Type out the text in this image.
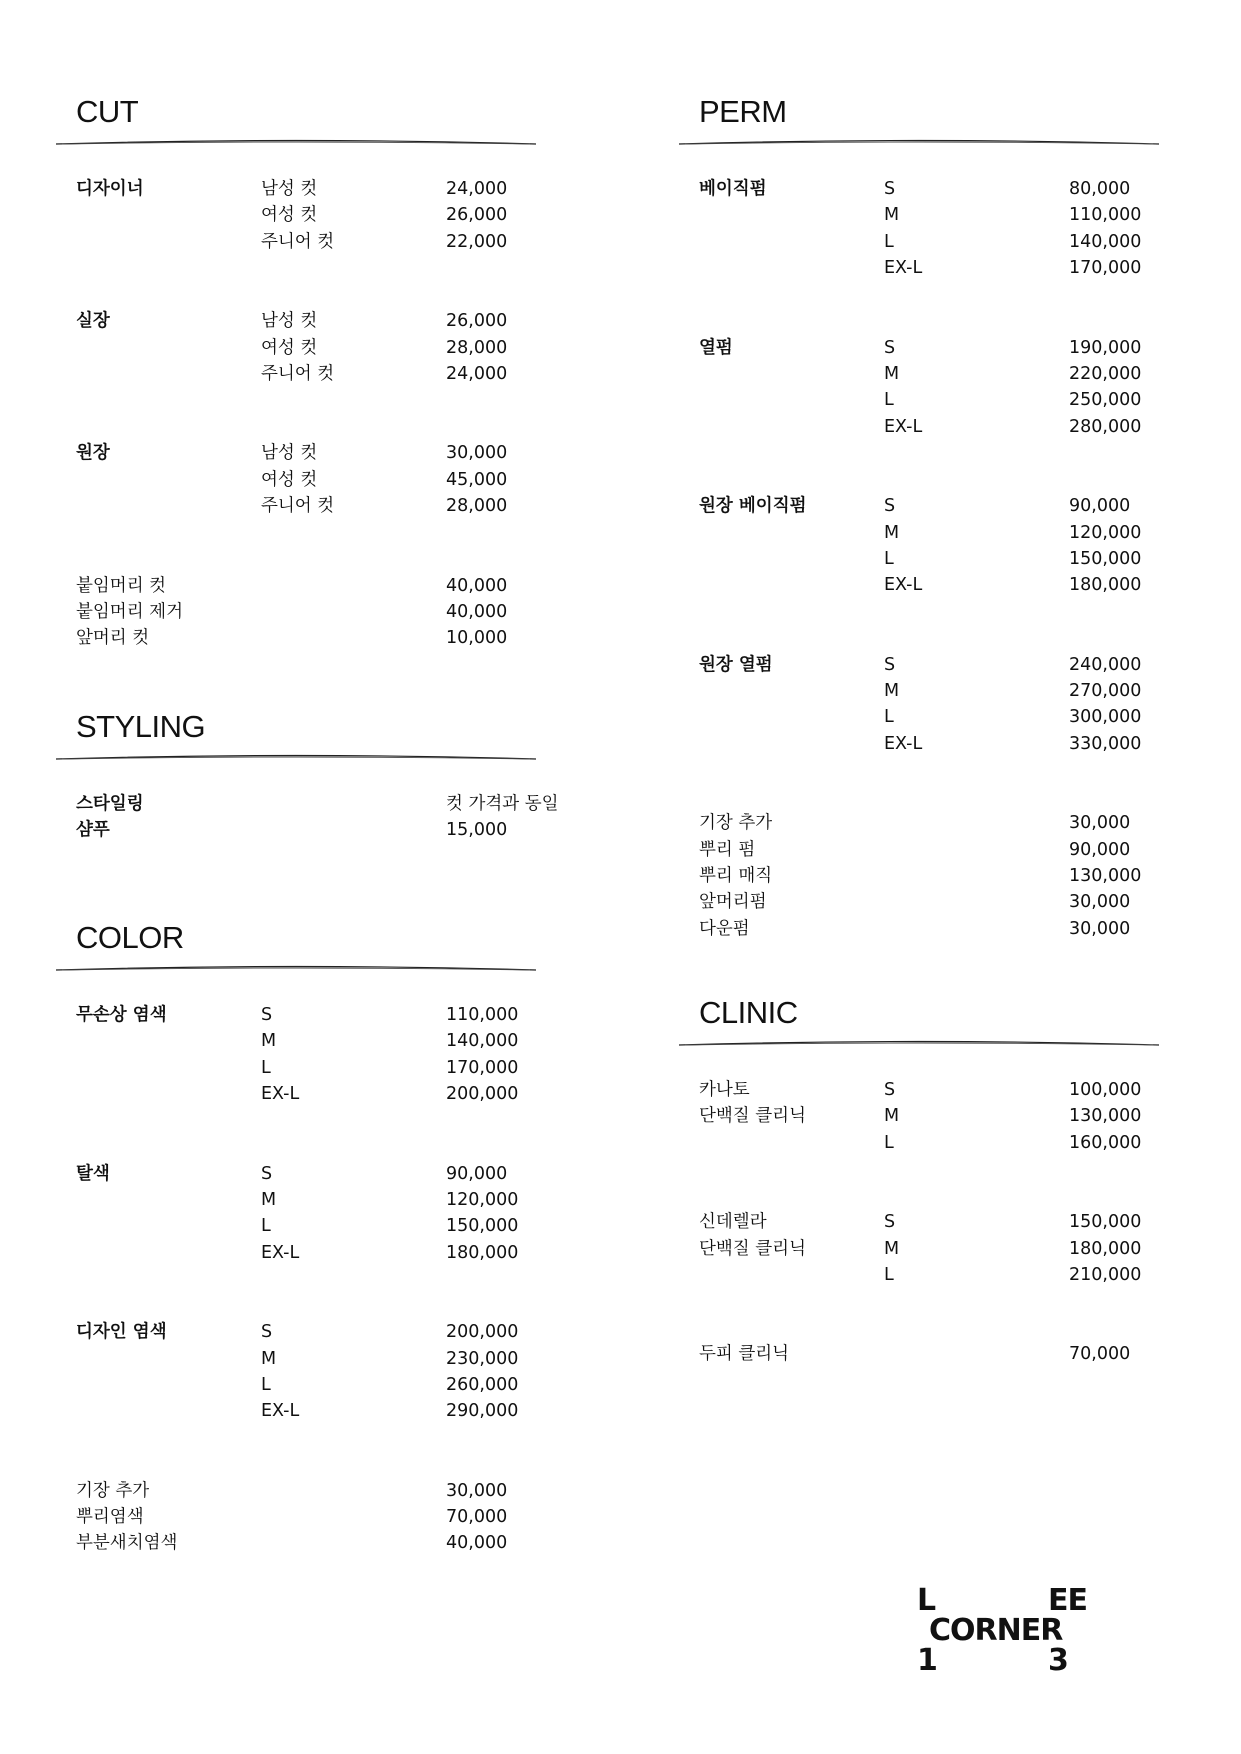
CUT
디자이너	남성 컷	24,000
여성 컷	26,000
주니어 컷	22,000
실장	남성 컷	26,000
여성 컷	28,000
주니어 컷	24,000
원장	남성 컷	30,000
여성 컷	45,000
주니어 컷	28,000
붙임머리 컷	40,000
붙임머리 제거	40,000
앞머리 컷	10,000
STYLING
스타일링	컷 가격과 동일
샴푸	15,000
COLOR
무손상 염색	S	110,000
M	140,000
L	170,000
EX-L	200,000
탈색	S	90,000
M	120,000
L	150,000
EX-L	180,000
디자인 염색	S	200,000
M	230,000
L	260,000
EX-L	290,000
기장 추가	30,000
뿌리염색	70,000
부분새치염색	40,000
PERM
베이직펌	S	80,000
M	110,000
L	140,000
EX-L	170,000
열펌	S	190,000
M	220,000
L	250,000
EX-L	280,000
원장 베이직펌	S	90,000
M	120,000
L	150,000
EX-L	180,000
원장 열펌	S	240,000
M	270,000
L	300,000
EX-L	330,000
기장 추가	30,000
뿌리 펌	90,000
뿌리 매직	130,000
앞머리펌	30,000
다운펌	30,000
CLINIC
카나토	S	100,000
단백질 클리닉	M	130,000
L	160,000
신데렐라	S	150,000
단백질 클리닉	M	180,000
L	210,000
두피 클리닉	70,000
L	EE
CORNER
1	3
